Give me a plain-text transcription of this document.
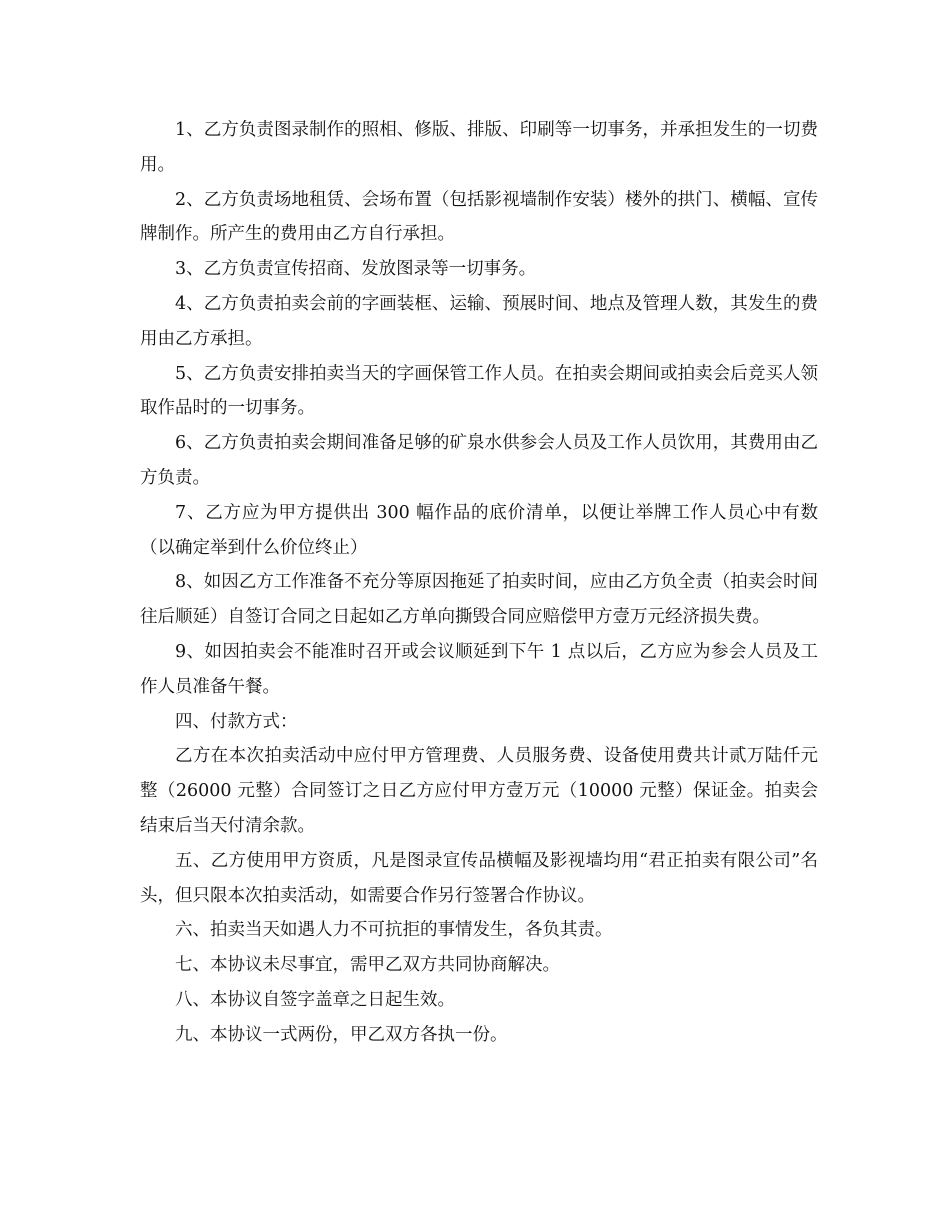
1、乙方负责图录制作的照相、修版、排版、印刷等一切事务，并承担发生的一切费用。

2、乙方负责场地租赁、会场布置（包括影视墙制作安装）楼外的拱门、横幅、宣传牌制作。所产生的费用由乙方自行承担。

3、乙方负责宣传招商、发放图录等一切事务。

4、乙方负责拍卖会前的字画装框、运输、预展时间、地点及管理人数，其发生的费用由乙方承担。

5、乙方负责安排拍卖当天的字画保管工作人员。在拍卖会期间或拍卖会后竞买人领取作品时的一切事务。

6、乙方负责拍卖会期间准备足够的矿泉水供参会人员及工作人员饮用，其费用由乙方负责。

7、乙方应为甲方提供出 300 幅作品的底价清单，以便让举牌工作人员心中有数（以确定举到什么价位终止）

8、如因乙方工作准备不充分等原因拖延了拍卖时间，应由乙方负全责（拍卖会时间往后顺延）自签订合同之日起如乙方单向撕毁合同应赔偿甲方壹万元经济损失费。

9、如因拍卖会不能准时召开或会议顺延到下午 1 点以后，乙方应为参会人员及工作人员准备午餐。

四、付款方式：

乙方在本次拍卖活动中应付甲方管理费、人员服务费、设备使用费共计贰万陆仟元整（26000 元整）合同签订之日乙方应付甲方壹万元（10000 元整）保证金。拍卖会结束后当天付清余款。

五、乙方使用甲方资质，凡是图录宣传品横幅及影视墙均用“君正拍卖有限公司”名头，但只限本次拍卖活动，如需要合作另行签署合作协议。

六、拍卖当天如遇人力不可抗拒的事情发生，各负其责。

七、本协议未尽事宜，需甲乙双方共同协商解决。

八、本协议自签字盖章之日起生效。

九、本协议一式两份，甲乙双方各执一份。
